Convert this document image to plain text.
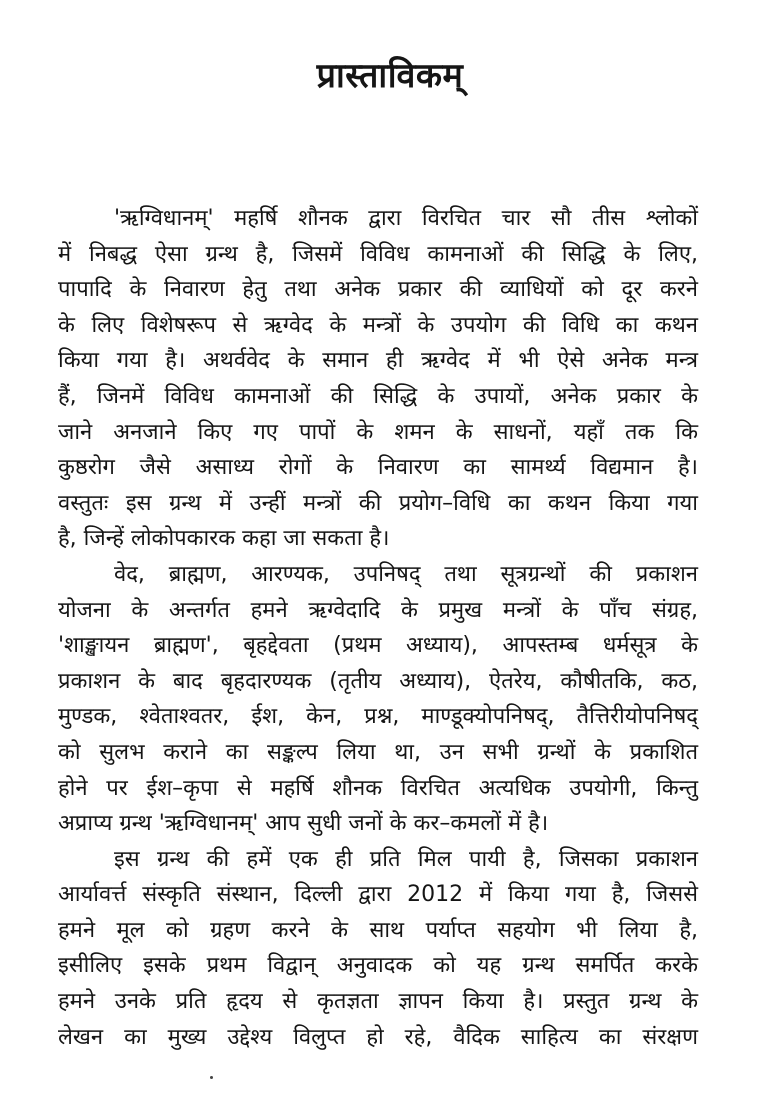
प्रास्ताविकम्
'ऋग्विधानम्' महर्षि शौनक द्वारा विरचित चार सौ तीस श्लोकों
में निबद्ध ऐसा ग्रन्थ है, जिसमें विविध कामनाओं की सिद्धि के लिए,
पापादि के निवारण हेतु तथा अनेक प्रकार की व्याधियों को दूर करने
के लिए विशेषरूप से ऋग्वेद के मन्त्रों के उपयोग की विधि का कथन
किया गया है। अथर्ववेद के समान ही ऋग्वेद में भी ऐसे अनेक मन्त्र
हैं, जिनमें विविध कामनाओं की सिद्धि के उपायों, अनेक प्रकार के
जाने अनजाने किए गए पापों के शमन के साधनों, यहाँ तक कि
कुष्ठरोग जैसे असाध्य रोगों के निवारण का सामर्थ्य विद्यमान है।
वस्तुतः इस ग्रन्थ में उन्हीं मन्त्रों की प्रयोग–विधि का कथन किया गया
है, जिन्हें लोकोपकारक कहा जा सकता है।
वेद, ब्राह्मण, आरण्यक, उपनिषद् तथा सूत्रग्रन्थों की प्रकाशन
योजना के अन्तर्गत हमने ऋग्वेदादि के प्रमुख मन्त्रों के पाँच संग्रह,
'शाङ्खायन ब्राह्मण', बृहद्देवता (प्रथम अध्याय), आपस्तम्ब धर्मसूत्र के
प्रकाशन के बाद बृहदारण्यक (तृतीय अध्याय), ऐतरेय, कौषीतकि, कठ,
मुण्डक, श्वेताश्वतर, ईश, केन, प्रश्न, माण्डूक्योपनिषद्, तैत्तिरीयोपनिषद्
को सुलभ कराने का सङ्कल्प लिया था, उन सभी ग्रन्थों के प्रकाशित
होने पर ईश–कृपा से महर्षि शौनक विरचित अत्यधिक उपयोगी, किन्तु
अप्राप्य ग्रन्थ 'ऋग्विधानम्' आप सुधी जनों के कर–कमलों में है।
इस ग्रन्थ की हमें एक ही प्रति मिल पायी है, जिसका प्रकाशन
आर्यावर्त्त संस्कृति संस्थान, दिल्ली द्वारा 2012 में किया गया है, जिससे
हमने मूल को ग्रहण करने के साथ पर्याप्त सहयोग भी लिया है,
इसीलिए इसके प्रथम विद्वान् अनुवादक को यह ग्रन्थ समर्पित करके
हमने उनके प्रति हृदय से कृतज्ञता ज्ञापन किया है। प्रस्तुत ग्रन्थ के
लेखन का मुख्य उद्देश्य विलुप्त हो रहे, वैदिक साहित्य का संरक्षण
